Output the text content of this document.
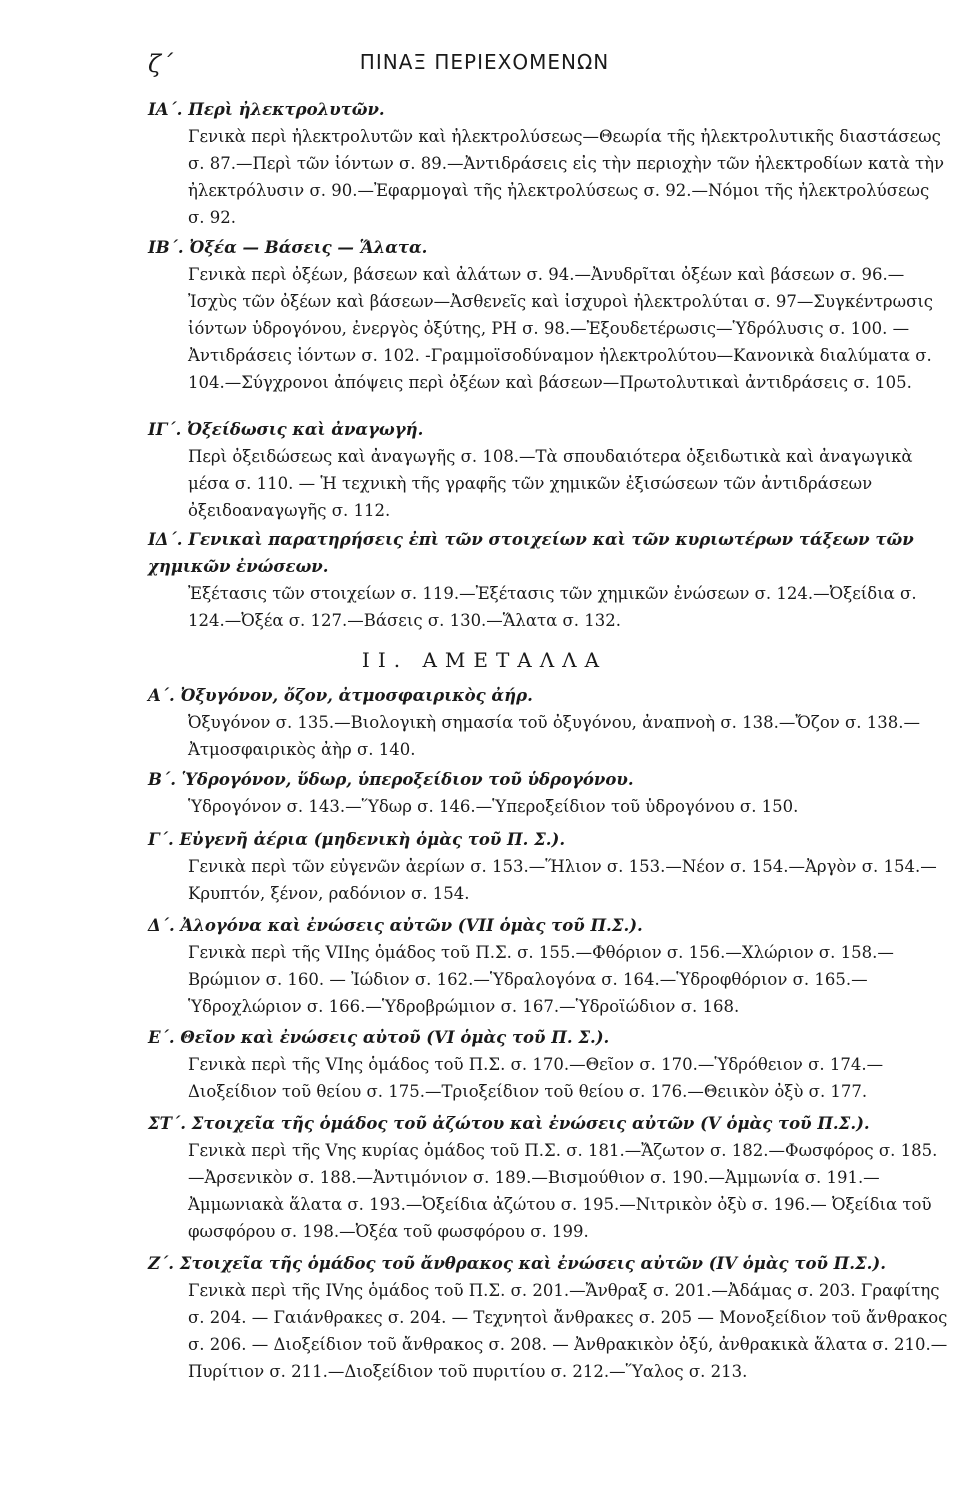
ζ΄	ΠΙΝΑΞ ΠΕΡΙΕΧΟΜΕΝΩΝ
ΙΑ΄. Περὶ ἠλεκτρολυτῶν.
Γενικὰ περὶ ἠλεκτρολυτῶν καὶ ἠλεκτρολύσεως—Θεωρία τῆς ἠλεκτρολυτικῆς διαστάσεως σ. 87.—Περὶ τῶν ἰόντων σ. 89.—Ἀντιδράσεις εἰς τὴν περιοχὴν τῶν ἠλεκτροδίων κατὰ τὴν ἠλεκτρόλυσιν σ. 90.—Ἐφαρμογαὶ τῆς ἠλεκτρολύσεως σ. 92.—Νόμοι τῆς ἠλεκτρολύσεως σ. 92.
ΙΒ΄. Ὀξέα — Βάσεις — Ἅλατα.
Γενικὰ περὶ ὀξέων, βάσεων καὶ ἀλάτων σ. 94.—Ἀνυδρῖται ὀξέων καὶ βάσεων σ. 96.— Ἰσχὺς τῶν ὀξέων καὶ βάσεων—Ἀσθενεῖς καὶ ἰσχυροὶ ἠλεκτρολύται σ. 97—Συγκέντρωσις ἰόντων ὑδρογόνου, ἐνεργὸς ὀξύτης, PH σ. 98.—Ἐξουδετέρωσις—Ὑδρόλυσις σ. 100. — Ἀντιδράσεις ἰόντων σ. 102. -Γραμμοϊσοδύναμον ἠλεκτρολύτου—Κανονικὰ διαλύματα σ. 104.—Σύγχρονοι ἀπόψεις περὶ ὀξέων καὶ βάσεων—Πρωτολυτικαὶ ἀντιδράσεις σ. 105.
ΙΓ΄. Ὀξείδωσις καὶ ἀναγωγή.
Περὶ ὀξειδώσεως καὶ ἀναγωγῆς σ. 108.—Τὰ σπουδαιότερα ὀξειδωτικὰ καὶ ἀναγωγικὰ μέσα σ. 110. — Ἡ τεχνικὴ τῆς γραφῆς τῶν χημικῶν ἐξισώσεων τῶν ἀντιδράσεων ὀξειδοαναγωγῆς σ. 112.
ΙΔ΄. Γενικαὶ παρατηρήσεις ἐπὶ τῶν στοιχείων καὶ τῶν κυριωτέρων τάξεων τῶν χημικῶν ἐνώσεων.
Ἐξέτασις τῶν στοιχείων σ. 119.—Ἐξέτασις τῶν χημικῶν ἐνώσεων σ. 124.—Ὀξείδια σ. 124.—Ὀξέα σ. 127.—Βάσεις σ. 130.—Ἅλατα σ. 132.
ΙΙ. ΑΜΕΤΑΛΛΑ
Α΄. Ὀξυγόνον, ὄζον, ἀτμοσφαιρικὸς ἀήρ.
Ὀξυγόνον σ. 135.—Βιολογικὴ σημασία τοῦ ὀξυγόνου, ἀναπνοὴ σ. 138.—Ὄζον σ. 138.—Ἀτμοσφαιρικὸς ἀὴρ σ. 140.
Β΄. Ὑδρογόνον, ὕδωρ, ὑπεροξείδιον τοῦ ὑδρογόνου.
Ὑδρογόνον σ. 143.—Ὕδωρ σ. 146.—Ὑπεροξείδιον τοῦ ὑδρογόνου σ. 150.
Γ΄. Εὐγενῆ ἀέρια (μηδενικὴ ὁμὰς τοῦ Π. Σ.).
Γενικὰ περὶ τῶν εὐγενῶν ἀερίων σ. 153.—Ἥλιον σ. 153.—Νέον σ. 154.—Ἀργὸν σ. 154.—Κρυπτόν, ξένον, ραδόνιον σ. 154.
Δ΄. Ἀλογόνα καὶ ἐνώσεις αὐτῶν (VII ὁμὰς τοῦ Π.Σ.).
Γενικὰ περὶ τῆς VIIης ὁμάδος τοῦ Π.Σ. σ. 155.—Φθόριον σ. 156.—Χλώριον σ. 158.— Βρώμιον σ. 160. — Ἰώδιον σ. 162.—Ὑδραλογόνα σ. 164.—Ὑδροφθόριον σ. 165.— Ὑδροχλώριον σ. 166.—Ὑδροβρώμιον σ. 167.—Ὑδροϊώδιον σ. 168.
Ε΄. Θεῖον καὶ ἐνώσεις αὐτοῦ (VI ὁμὰς τοῦ Π. Σ.).
Γενικὰ περὶ τῆς VIης ὁμάδος τοῦ Π.Σ. σ. 170.—Θεῖον σ. 170.—Ὑδρόθειον σ. 174.— Διοξείδιον τοῦ θείου σ. 175.—Τριοξείδιον τοῦ θείου σ. 176.—Θειικὸν ὀξὺ σ. 177.
ΣΤ΄. Στοιχεῖα τῆς ὁμάδος τοῦ ἀζώτου καὶ ἐνώσεις αὐτῶν (V ὁμὰς τοῦ Π.Σ.).
Γενικὰ περὶ τῆς Vης κυρίας ὁμάδος τοῦ Π.Σ. σ. 181.—Ἄζωτον σ. 182.—Φωσφόρος σ. 185.—Ἀρσενικὸν σ. 188.—Ἀντιμόνιον σ. 189.—Βισμούθιον σ. 190.—Ἀμμωνία σ. 191.—Ἀμμωνιακὰ ἅλατα σ. 193.—Ὀξείδια ἀζώτου σ. 195.—Νιτρικὸν ὀξὺ σ. 196.— Ὀξείδια τοῦ φωσφόρου σ. 198.—Ὀξέα τοῦ φωσφόρου σ. 199.
Ζ΄. Στοιχεῖα τῆς ὁμάδος τοῦ ἄνθρακος καὶ ἐνώσεις αὐτῶν (IV ὁμὰς τοῦ Π.Σ.).
Γενικὰ περὶ τῆς IVης ὁμάδος τοῦ Π.Σ. σ. 201.—Ἄνθραξ σ. 201.—Ἀδάμας σ. 203. Γραφίτης σ. 204. — Γαιάνθρακες σ. 204. — Τεχνητοὶ ἄνθρακες σ. 205 — Μονοξείδιον τοῦ ἄνθρακος σ. 206. — Διοξείδιον τοῦ ἄνθρακος σ. 208. — Ἀνθρακικὸν ὀξύ, ἀνθρακικὰ ἅλατα σ. 210.—Πυρίτιον σ. 211.—Διοξείδιον τοῦ πυριτίου σ. 212.—Ὕαλος σ. 213.
